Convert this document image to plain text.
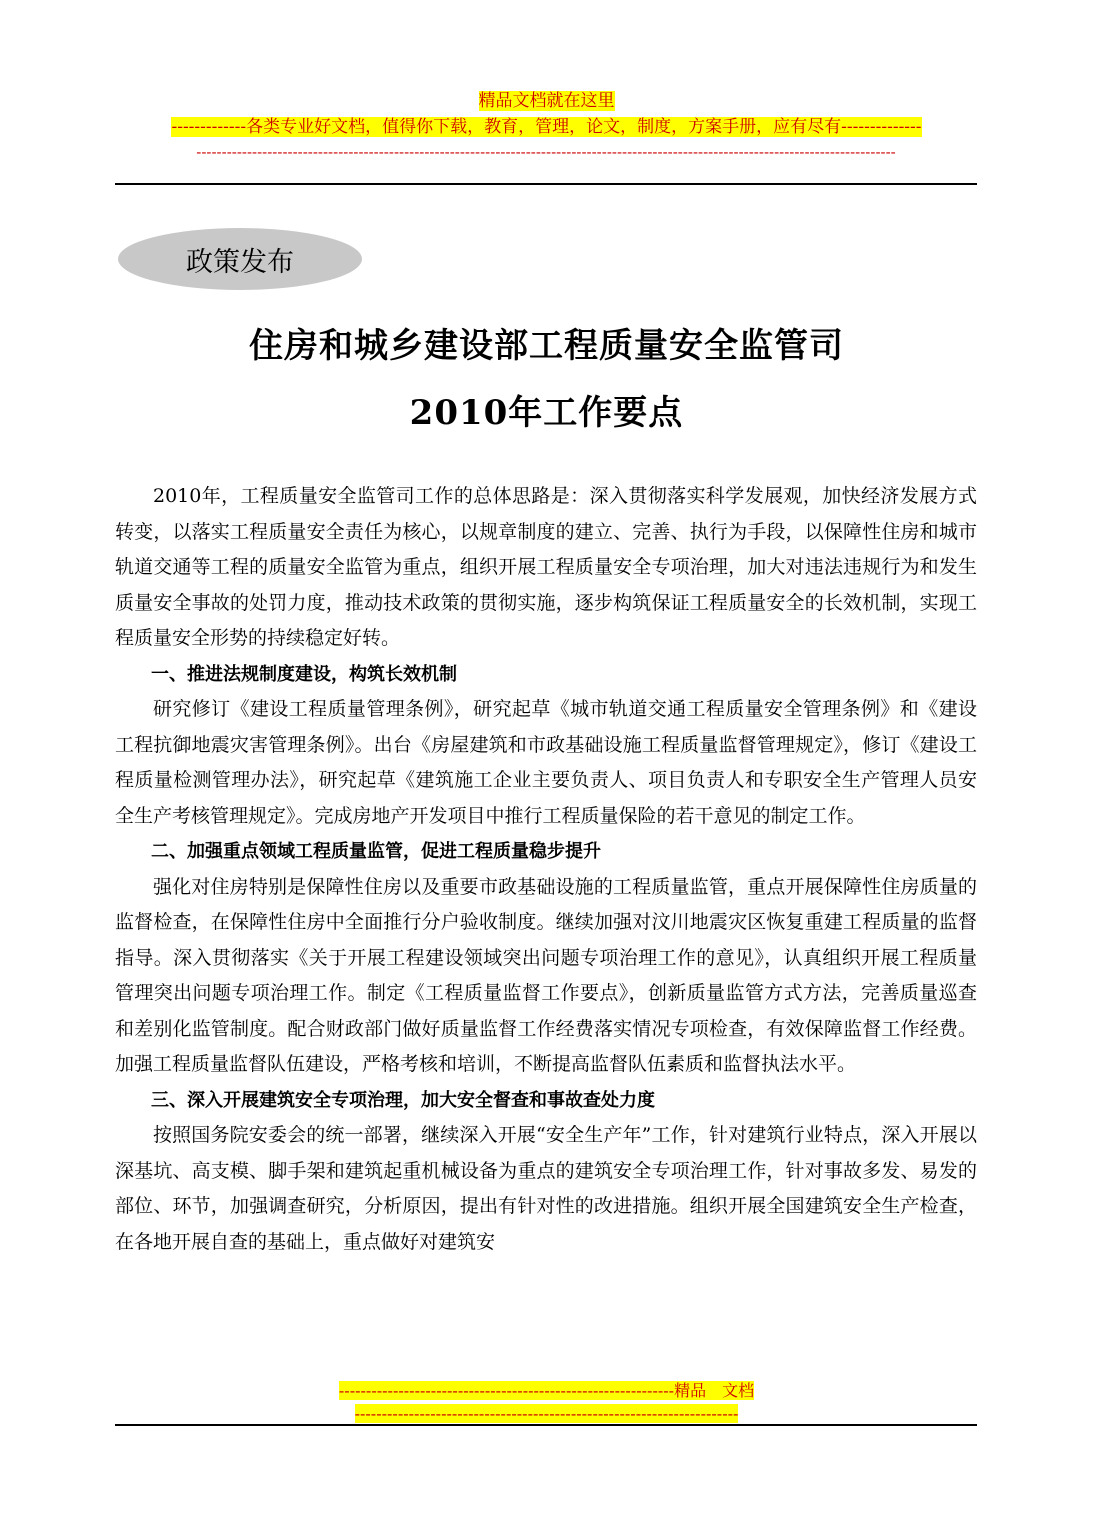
精品文档就在这里
-------------各类专业好文档，值得你下载，教育，管理，论文，制度，方案手册，应有尽有--------------
------------------------------------------------------------------------------------------------------------------------------------------
政策发布
住房和城乡建设部工程质量安全监管司
2010年工作要点

2010年，工程质量安全监管司工作的总体思路是：深入贯彻落实科学发展观，加快经济发展方式转变，以落实工程质量安全责任为核心，以规章制度的建立、完善、执行为手段，以保障性住房和城市轨道交通等工程的质量安全监管为重点，组织开展工程质量安全专项治理，加大对违法违规行为和发生质量安全事故的处罚力度，推动技术政策的贯彻实施，逐步构筑保证工程质量安全的长效机制，实现工程质量安全形势的持续稳定好转。

一、推进法规制度建设，构筑长效机制

研究修订《建设工程质量管理条例》，研究起草《城市轨道交通工程质量安全管理条例》和《建设工程抗御地震灾害管理条例》。出台《房屋建筑和市政基础设施工程质量监督管理规定》，修订《建设工程质量检测管理办法》，研究起草《建筑施工企业主要负责人、项目负责人和专职安全生产管理人员安全生产考核管理规定》。完成房地产开发项目中推行工程质量保险的若干意见的制定工作。

二、加强重点领域工程质量监管，促进工程质量稳步提升

强化对住房特别是保障性住房以及重要市政基础设施的工程质量监管，重点开展保障性住房质量的监督检查，在保障性住房中全面推行分户验收制度。继续加强对汶川地震灾区恢复重建工程质量的监督指导。深入贯彻落实《关于开展工程建设领域突出问题专项治理工作的意见》，认真组织开展工程质量管理突出问题专项治理工作。制定《工程质量监督工作要点》，创新质量监管方式方法，完善质量巡查和差别化监管制度。配合财政部门做好质量监督工作经费落实情况专项检查，有效保障监督工作经费。加强工程质量监督队伍建设，严格考核和培训，不断提高监督队伍素质和监督执法水平。

三、深入开展建筑安全专项治理，加大安全督查和事故查处力度

按照国务院安委会的统一部署，继续深入开展“安全生产年”工作，针对建筑行业特点，深入开展以深基坑、高支模、脚手架和建筑起重机械设备为重点的建筑安全专项治理工作，针对事故多发、易发的部位、环节，加强调查研究，分析原因，提出有针对性的改进措施。组织开展全国建筑安全生产检查，在各地开展自查的基础上，重点做好对建筑安

--------------------------------------------------------------精品　文档
-----------------------------------------------------------------------
